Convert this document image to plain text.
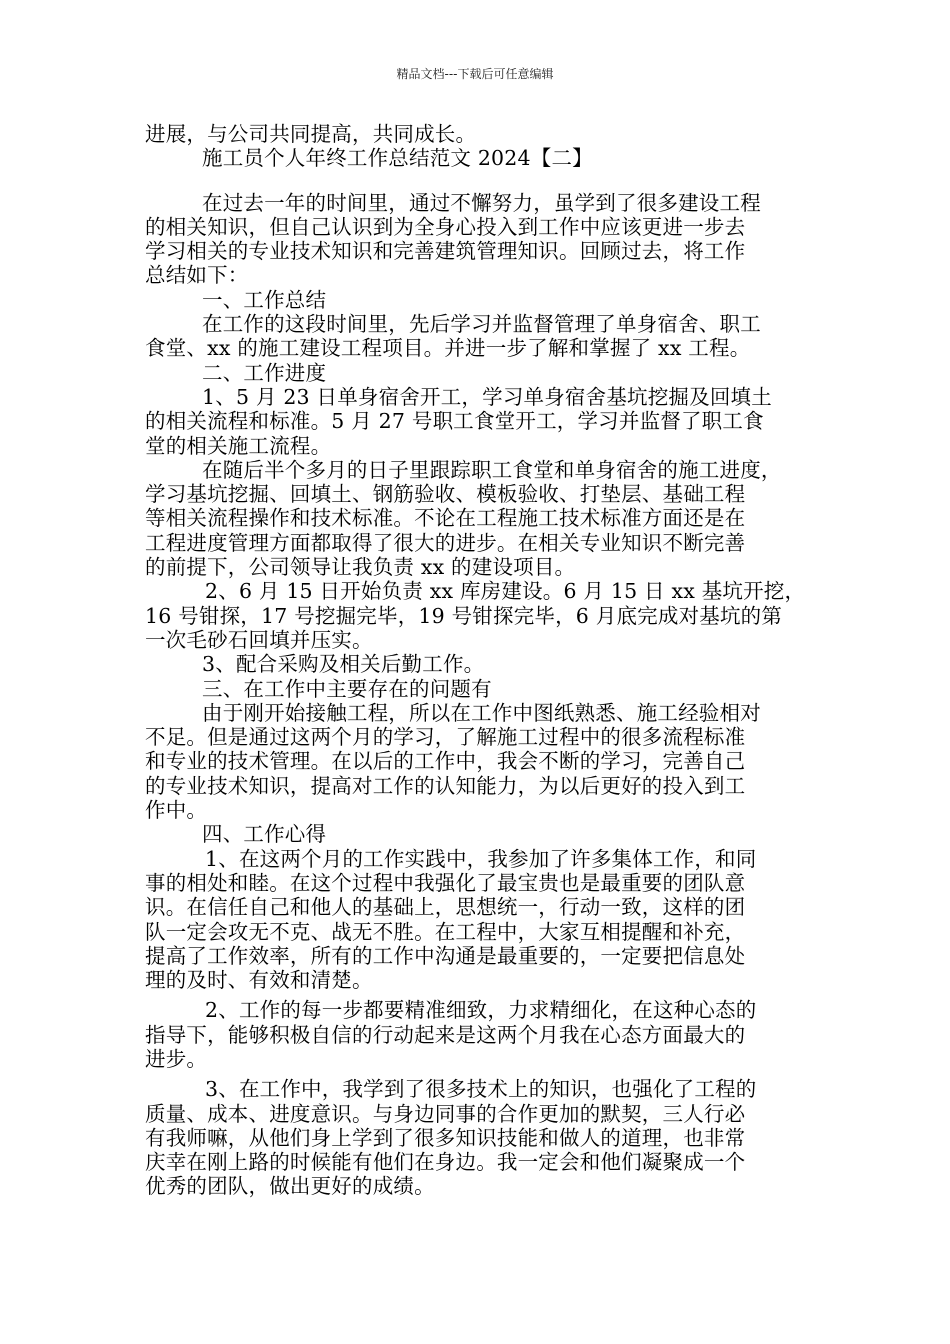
精品文档---下载后可任意编辑
进展，与公司共同提高，共同成长。
施工员个人年终工作总结范文 2024【二】
在过去一年的时间里，通过不懈努力，虽学到了很多建设工程
的相关知识，但自己认识到为全身心投入到工作中应该更进一步去
学习相关的专业技术知识和完善建筑管理知识。回顾过去，将工作
总结如下：
一、工作总结
在工作的这段时间里，先后学习并监督管理了单身宿舍、职工
食堂、xx 的施工建设工程项目。并进一步了解和掌握了 xx 工程。
二、工作进度
1、5 月 23 日单身宿舍开工，学习单身宿舍基坑挖掘及回填土
的相关流程和标准。5 月 27 号职工食堂开工，学习并监督了职工食
堂的相关施工流程。
在随后半个多月的日子里跟踪职工食堂和单身宿舍的施工进度，
学习基坑挖掘、回填土、钢筋验收、模板验收、打垫层、基础工程
等相关流程操作和技术标准。不论在工程施工技术标准方面还是在
工程进度管理方面都取得了很大的进步。在相关专业知识不断完善
的前提下，公司领导让我负责 xx 的建设项目。
2、6 月 15 日开始负责 xx 库房建设。6 月 15 日 xx 基坑开挖，
16 号钳探，17 号挖掘完毕，19 号钳探完毕，6 月底完成对基坑的第
一次毛砂石回填并压实。
3、配合采购及相关后勤工作。
三、在工作中主要存在的问题有
由于刚开始接触工程，所以在工作中图纸熟悉、施工经验相对
不足。但是通过这两个月的学习，了解施工过程中的很多流程标准
和专业的技术管理。在以后的工作中，我会不断的学习，完善自己
的专业技术知识，提高对工作的认知能力，为以后更好的投入到工
作中。
四、工作心得
1、在这两个月的工作实践中，我参加了许多集体工作，和同
事的相处和睦。在这个过程中我强化了最宝贵也是最重要的团队意
识。在信任自己和他人的基础上，思想统一，行动一致，这样的团
队一定会攻无不克、战无不胜。在工程中，大家互相提醒和补充，
提高了工作效率，所有的工作中沟通是最重要的，一定要把信息处
理的及时、有效和清楚。
2、工作的每一步都要精准细致，力求精细化，在这种心态的
指导下，能够积极自信的行动起来是这两个月我在心态方面最大的
进步。
3、在工作中，我学到了很多技术上的知识，也强化了工程的
质量、成本、进度意识。与身边同事的合作更加的默契，三人行必
有我师嘛，从他们身上学到了很多知识技能和做人的道理，也非常
庆幸在刚上路的时候能有他们在身边。我一定会和他们凝聚成一个
优秀的团队，做出更好的成绩。
